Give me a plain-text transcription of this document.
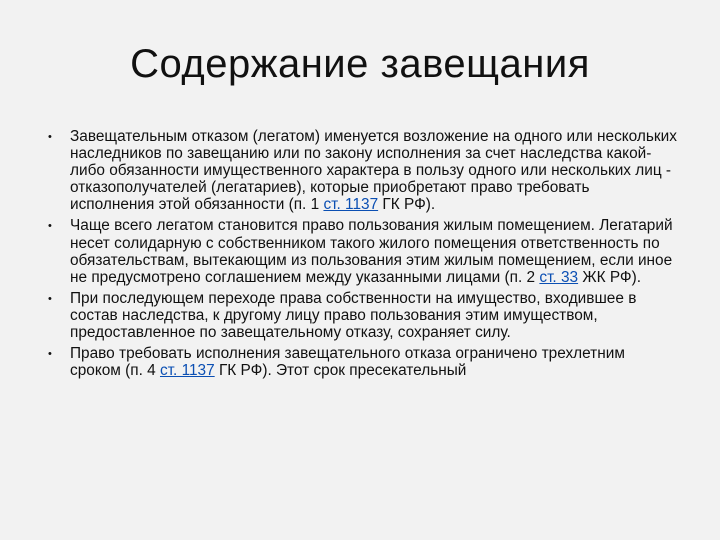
Содержание завещания
• Завещательным отказом (легатом) именуется возложение на одного или нескольких наследников по завещанию или по закону исполнения за счет наследства какой-либо обязанности имущественного характера в пользу одного или нескольких лиц - отказополучателей (легатариев), которые приобретают право требовать исполнения этой обязанности (п. 1 ст. 1137 ГК РФ).
• Чаще всего легатом становится право пользования жилым помещением. Легатарий несет солидарную с собственником такого жилого помещения ответственность по обязательствам, вытекающим из пользования этим жилым помещением, если иное не предусмотрено соглашением между указанными лицами (п. 2 ст. 33 ЖК РФ).
• При последующем переходе права собственности на имущество, входившее в состав наследства, к другому лицу право пользования этим имуществом, предоставленное по завещательному отказу, сохраняет силу.
• Право требовать исполнения завещательного отказа ограничено трехлетним сроком (п. 4 ст. 1137 ГК РФ). Этот срок пресекательный
